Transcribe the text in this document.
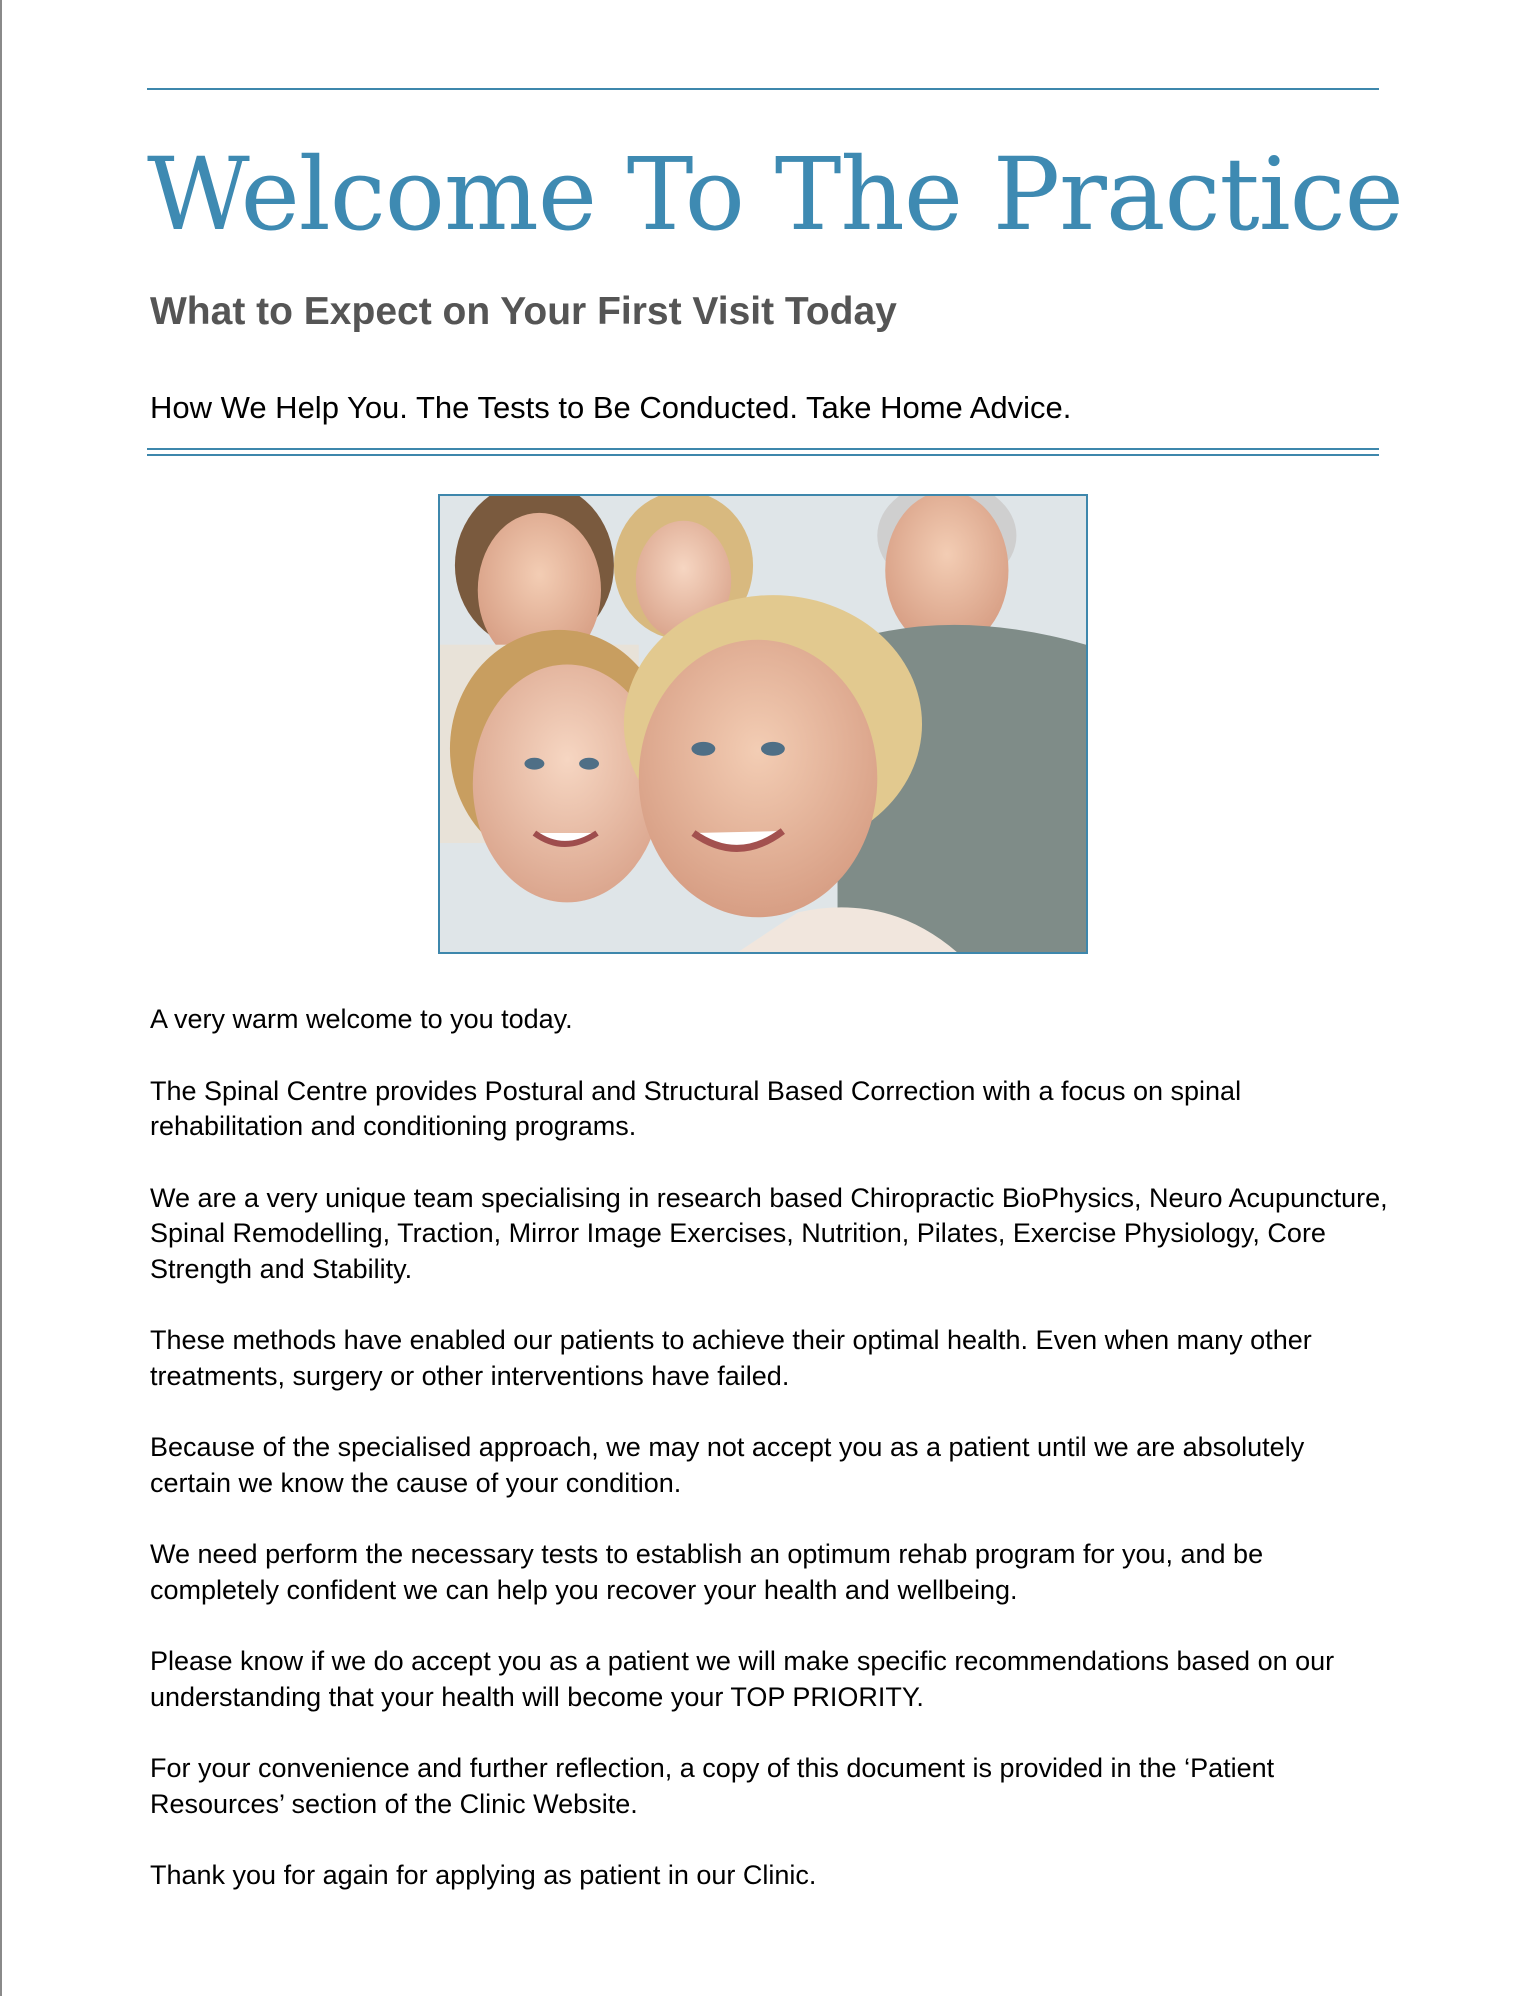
Welcome To The Practice
What to Expect on Your First Visit Today

How We Help You. The Tests to Be Conducted. Take Home Advice.

A very warm welcome to you today.

The Spinal Centre provides Postural and Structural Based Correction with a focus on spinal rehabilitation and conditioning programs.

We are a very unique team specialising in research based Chiropractic BioPhysics, Neuro Acupuncture, Spinal Remodelling, Traction, Mirror Image Exercises, Nutrition, Pilates, Exercise Physiology, Core Strength and Stability.

These methods have enabled our patients to achieve their optimal health. Even when many other treatments, surgery or other interventions have failed.

Because of the specialised approach, we may not accept you as a patient until we are absolutely certain we know the cause of your condition.

We need perform the necessary tests to establish an optimum rehab program for you, and be completely confident we can help you recover your health and wellbeing.

Please know if we do accept you as a patient we will make specific recommendations based on our understanding that your health will become your TOP PRIORITY.

For your convenience and further reflection, a copy of this document is provided in the ‘Patient Resources’ section of the Clinic Website.

Thank you for again for applying as patient in our Clinic.
